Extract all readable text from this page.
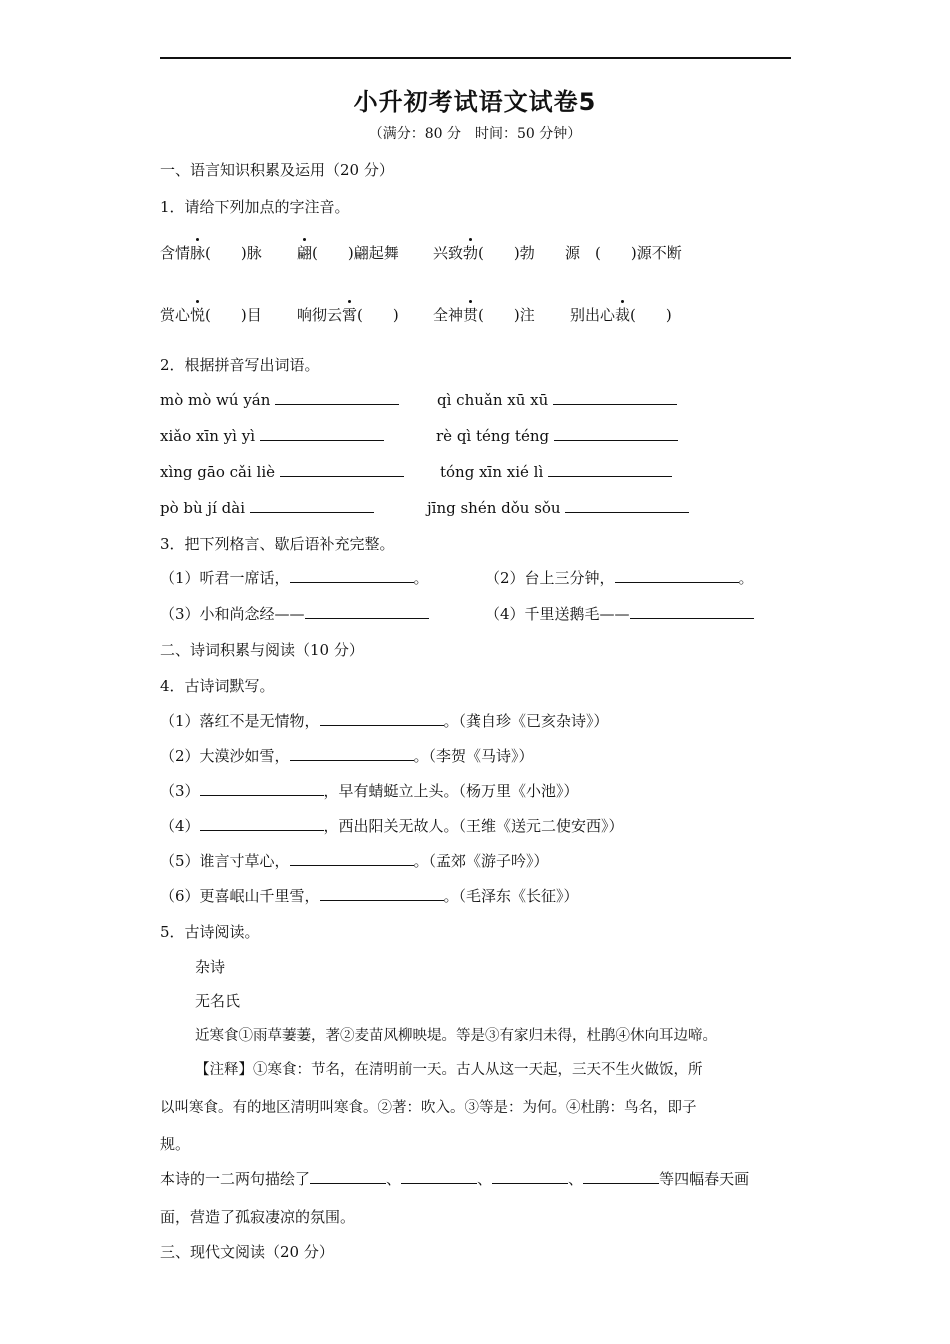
小升初考试语文试卷5
（满分：80 分　时间：50 分钟）
一、语言知识积累及运用（20 分）
1．请给下列加点的字注音。
含情脉(　　)脉 翩(　　)翩起舞 兴致勃(　　)勃 源　(　　)源不断
赏心悦(　　)目 响彻云霄(　　) 全神贯(　　)注 别出心裁(　　)
2．根据拼音写出词语。
mò mò wú yán	qì chuǎn xū xū
xiǎo xīn yì yì	rè qì téng téng
xìng gāo cǎi liè	tóng xīn xié lì
pò bù jí dài	jīng shén dǒu sǒu
3．把下列格言、歇后语补充完整。
（1）听君一席话，	。	（2）台上三分钟，	。
（3）小和尚念经——	（4）千里送鹅毛——
二、诗词积累与阅读（10 分）
4．古诗词默写。
（1）落红不是无情物，	。（龚自珍《已亥杂诗》）
（2）大漠沙如雪，	。（李贺《马诗》）
（3）	，早有蜻蜓立上头。（杨万里《小池》）
（4）	，西出阳关无故人。（王维《送元二使安西》）
（5）谁言寸草心，	。（孟郊《游子吟》）
（6）更喜岷山千里雪，	。（毛泽东《长征》）
5．古诗阅读。
杂诗
无名氏
近寒食①雨草萋萋，著②麦苗风柳映堤。等是③有家归未得，杜鹃④休向耳边啼。
【注释】①寒食：节名，在清明前一天。古人从这一天起，三天不生火做饭，所
以叫寒食。有的地区清明叫寒食。②著：吹入。③等是：为何。④杜鹃：鸟名，即子
规。
本诗的一二两句描绘了	、	、	、	等四幅春天画
面，营造了孤寂凄凉的氛围。
三、现代文阅读（20 分）
